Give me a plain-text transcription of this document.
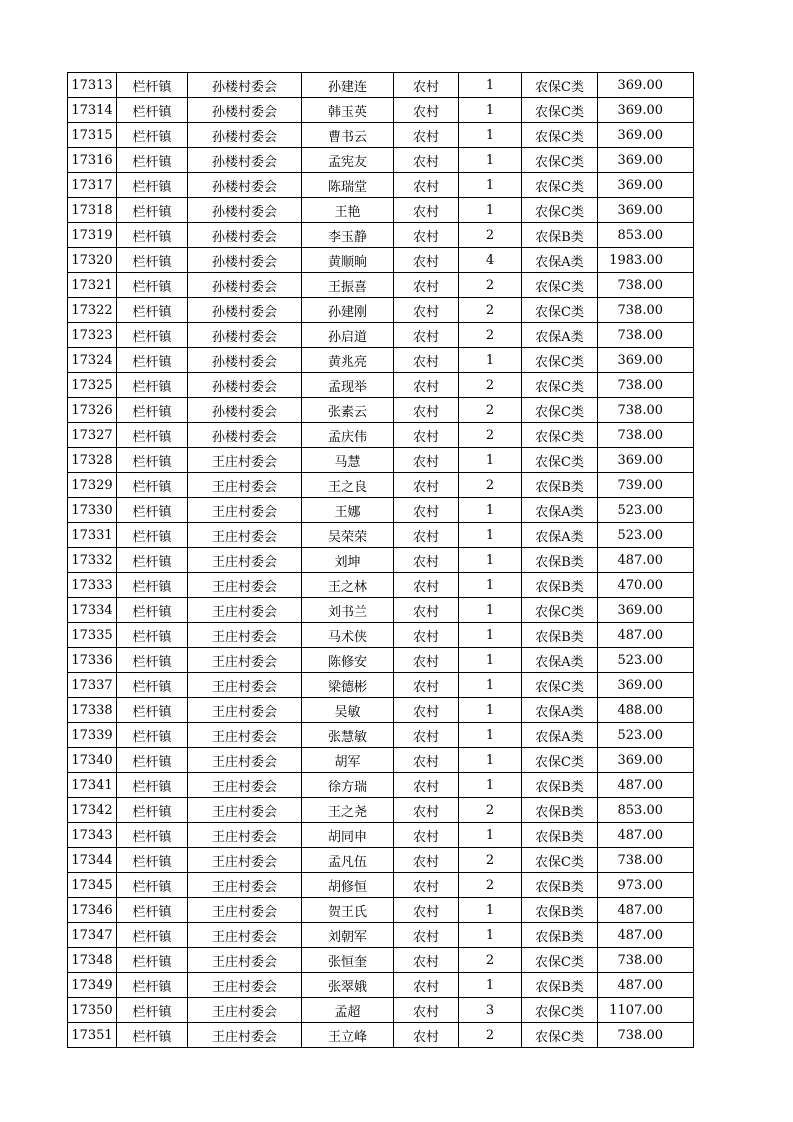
17313	栏杆镇	孙楼村委会	孙建连	农村	1	农保C类	369.00
17314	栏杆镇	孙楼村委会	韩玉英	农村	1	农保C类	369.00
17315	栏杆镇	孙楼村委会	曹书云	农村	1	农保C类	369.00
17316	栏杆镇	孙楼村委会	孟宪友	农村	1	农保C类	369.00
17317	栏杆镇	孙楼村委会	陈瑞堂	农村	1	农保C类	369.00
17318	栏杆镇	孙楼村委会	王艳	农村	1	农保C类	369.00
17319	栏杆镇	孙楼村委会	李玉静	农村	2	农保B类	853.00
17320	栏杆镇	孙楼村委会	黄顺晌	农村	4	农保A类	1983.00
17321	栏杆镇	孙楼村委会	王振喜	农村	2	农保C类	738.00
17322	栏杆镇	孙楼村委会	孙建刚	农村	2	农保C类	738.00
17323	栏杆镇	孙楼村委会	孙启道	农村	2	农保A类	738.00
17324	栏杆镇	孙楼村委会	黄兆亮	农村	1	农保C类	369.00
17325	栏杆镇	孙楼村委会	孟现举	农村	2	农保C类	738.00
17326	栏杆镇	孙楼村委会	张素云	农村	2	农保C类	738.00
17327	栏杆镇	孙楼村委会	孟庆伟	农村	2	农保C类	738.00
17328	栏杆镇	王庄村委会	马慧	农村	1	农保C类	369.00
17329	栏杆镇	王庄村委会	王之良	农村	2	农保B类	739.00
17330	栏杆镇	王庄村委会	王娜	农村	1	农保A类	523.00
17331	栏杆镇	王庄村委会	吴荣荣	农村	1	农保A类	523.00
17332	栏杆镇	王庄村委会	刘坤	农村	1	农保B类	487.00
17333	栏杆镇	王庄村委会	王之林	农村	1	农保B类	470.00
17334	栏杆镇	王庄村委会	刘书兰	农村	1	农保C类	369.00
17335	栏杆镇	王庄村委会	马术侠	农村	1	农保B类	487.00
17336	栏杆镇	王庄村委会	陈修安	农村	1	农保A类	523.00
17337	栏杆镇	王庄村委会	梁德彬	农村	1	农保C类	369.00
17338	栏杆镇	王庄村委会	吴敏	农村	1	农保A类	488.00
17339	栏杆镇	王庄村委会	张慧敏	农村	1	农保A类	523.00
17340	栏杆镇	王庄村委会	胡军	农村	1	农保C类	369.00
17341	栏杆镇	王庄村委会	徐方瑞	农村	1	农保B类	487.00
17342	栏杆镇	王庄村委会	王之尧	农村	2	农保B类	853.00
17343	栏杆镇	王庄村委会	胡同申	农村	1	农保B类	487.00
17344	栏杆镇	王庄村委会	孟凡伍	农村	2	农保C类	738.00
17345	栏杆镇	王庄村委会	胡修恒	农村	2	农保B类	973.00
17346	栏杆镇	王庄村委会	贺王氏	农村	1	农保B类	487.00
17347	栏杆镇	王庄村委会	刘朝军	农村	1	农保B类	487.00
17348	栏杆镇	王庄村委会	张恒奎	农村	2	农保C类	738.00
17349	栏杆镇	王庄村委会	张翠娥	农村	1	农保B类	487.00
17350	栏杆镇	王庄村委会	孟超	农村	3	农保C类	1107.00
17351	栏杆镇	王庄村委会	王立峰	农村	2	农保C类	738.00
